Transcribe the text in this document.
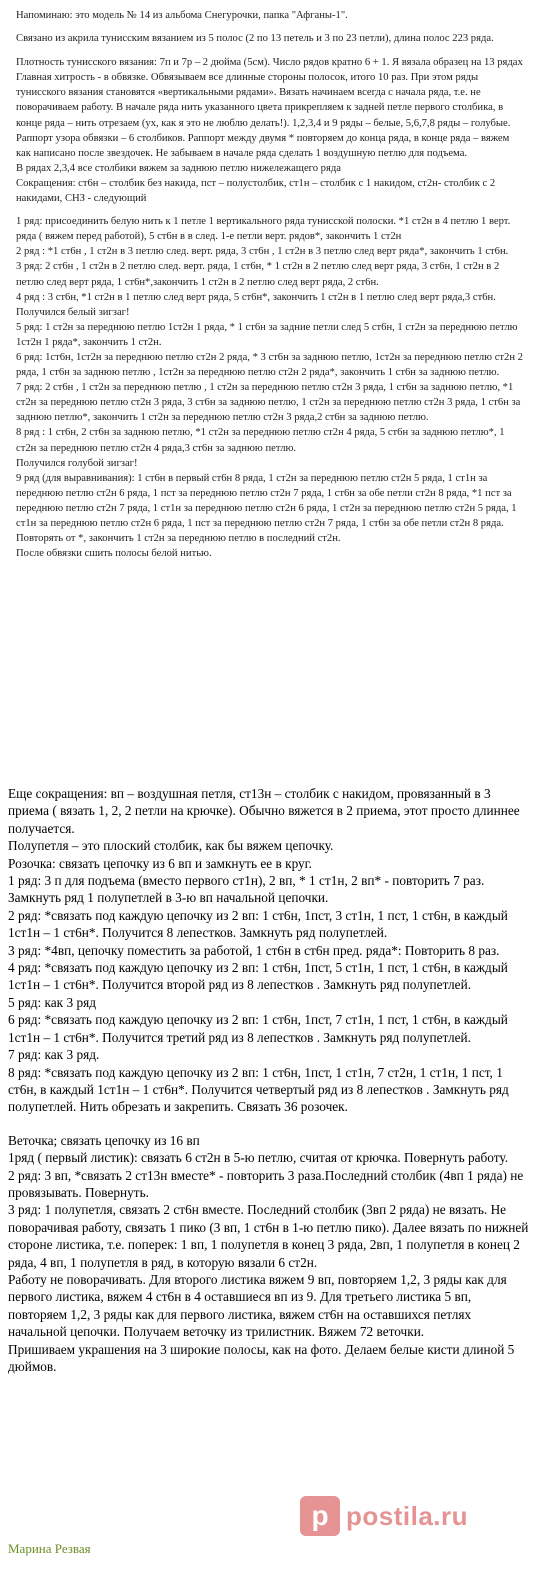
Напоминаю: это модель № 14 из альбома Снегурочки, папка "Афганы-1".

Связано из акрила тунисским вязанием из 5 полос (2 по 13 петель и 3 по 23 петли), длина полос 223 ряда.

Плотность тунисского вязания: 7п и 7р – 2 дюйма (5см). Число рядов кратно 6 + 1. Я вязала образец на 13 рядах

Главная хитрость - в обвязке. Обвязываем все длинные стороны полосок, итого 10 раз. При этом ряды тунисского вязания становятся «вертикальными рядами». Вязать начинаем всегда с начала ряда, т.е. не поворачиваем работу. В начале ряда нить указанного цвета прикрепляем к задней петле первого столбика, в конце ряда – нить отрезаем (ух, как я это не люблю делать!). 1,2,3,4 и 9 ряды – белые, 5,6,7,8 ряды – голубые.

Раппорт узора обвязки – 6 столбиков. Раппорт между двумя * повторяем до конца ряда, в конце ряда – вяжем как написано после звездочек. Не забываем в начале ряда сделать 1 воздушную петлю для подъема.

В рядах 2,3,4 все столбики вяжем за заднюю петлю нижележащего ряда

Сокращения: ст6н – столбик без накида, пст – полустолбик, ст1н – столбик с 1 накидом, ст2н- столбик с 2 накидами, СНЗ - следующий

1 ряд: присоединить белую нить к 1 петле 1 вертикального ряда тунисской полоски. *1 ст2н в 4 петлю 1 верт. ряда ( вяжем перед работой), 5 ст6н в в след. 1-е петли верт. рядов*, закончить 1 ст2н

2 ряд : *1 ст6н , 1 ст2н в 3 петлю след. верт. ряда, 3 ст6н , 1 ст2н в 3 петлю след верт ряда*, закончить 1 ст6н.

3 ряд: 2 ст6н , 1 ст2н в 2 петлю след. верт. ряда, 1 ст6н, * 1 ст2н в 2 петлю след верт ряда, 3 ст6н, 1 ст2н в 2 петлю след верт ряда, 1 ст6н*,закончить 1 ст2н в 2 петлю след верт ряда, 2 ст6н.

4 ряд : 3 ст6н, *1 ст2н в 1 петлю след верт ряда, 5 ст6н*, закончить 1 ст2н в 1 петлю след верт ряда,3 ст6н.

Получился белый зигзаг!

5 ряд: 1 ст2н за переднюю петлю 1ст2н 1 ряда, * 1 ст6н за задние петли след 5 ст6н, 1 ст2н за переднюю петлю 1ст2н 1 ряда*, закончить 1 ст2н.

6 ряд: 1ст6н, 1ст2н за переднюю петлю ст2н 2 ряда, * 3 ст6н за заднюю петлю, 1ст2н за переднюю петлю ст2н 2 ряда, 1 ст6н за заднюю петлю , 1ст2н за переднюю петлю ст2н 2 ряда*, закончить 1 ст6н за заднюю петлю.

7 ряд: 2 ст6н , 1 ст2н за переднюю петлю , 1 ст2н за переднюю петлю ст2н 3 ряда, 1 ст6н за заднюю петлю, *1 ст2н за переднюю петлю ст2н 3 ряда, 3 ст6н за заднюю петлю, 1 ст2н за переднюю петлю ст2н 3 ряда, 1 ст6н за заднюю петлю*, закончить 1 ст2н за переднюю петлю ст2н 3 ряда,2 ст6н за заднюю петлю.

8 ряд : 1 ст6н, 2 ст6н за заднюю петлю, *1 ст2н за переднюю петлю ст2н 4 ряда, 5 ст6н за заднюю петлю*, 1 ст2н за переднюю петлю ст2н 4 ряда,3 ст6н за заднюю петлю.

Получился голубой зигзаг!

9 ряд (для выравнивания): 1 ст6н в первый ст6н 8 ряда, 1 ст2н за переднюю петлю ст2н 5 ряда, 1 ст1н за переднюю петлю ст2н 6 ряда, 1 пст за переднюю петлю ст2н 7 ряда, 1 ст6н за обе петли ст2н 8 ряда, *1 пст за переднюю петлю ст2н 7 ряда, 1 ст1н за переднюю петлю ст2н 6 ряда, 1 ст2н за переднюю петлю ст2н 5 ряда, 1 ст1н за переднюю петлю ст2н 6 ряда, 1 пст за переднюю петлю ст2н 7 ряда, 1 ст6н за обе петли ст2н 8 ряда. Повторять от *, закончить 1 ст2н за переднюю петлю в последний ст2н.

После обвязки сшить полосы белой нитью.

Еще сокращения: вп – воздушная петля, ст13н – столбик с накидом, провязанный в 3 приема ( вязать 1, 2, 2 петли на крючке). Обычно вяжется в 2 приема, этот просто длиннее получается.

Полупетля – это плоский столбик, как бы вяжем цепочку.

Розочка: связать цепочку из 6 вп и замкнуть ее в круг.

1 ряд: 3 п для подъема (вместо первого ст1н), 2 вп, * 1 ст1н, 2 вп* - повторить 7 раз. Замкнуть ряд 1 полупетлей в 3-ю вп начальной цепочки.

2 ряд: *связать под каждую цепочку из 2 вп: 1 ст6н, 1пст, 3 ст1н, 1 пст, 1 ст6н, в каждый 1ст1н – 1 ст6н*. Получится 8 лепестков. Замкнуть ряд полупетлей.

3 ряд: *4вп, цепочку поместить за работой, 1 ст6н в ст6н пред. ряда*: Повторить 8 раз.

4 ряд: *связать под каждую цепочку из 2 вп: 1 ст6н, 1пст, 5 ст1н, 1 пст, 1 ст6н, в каждый 1ст1н – 1 ст6н*. Получится второй ряд из 8 лепестков . Замкнуть ряд полупетлей.

5 ряд: как 3 ряд

6 ряд: *связать под каждую цепочку из 2 вп: 1 ст6н, 1пст, 7 ст1н, 1 пст, 1 ст6н, в каждый 1ст1н – 1 ст6н*. Получится третий ряд из 8 лепестков . Замкнуть ряд полупетлей.

7 ряд: как 3 ряд.

8 ряд: *связать под каждую цепочку из 2 вп: 1 ст6н, 1пст, 1 ст1н, 7 ст2н, 1 ст1н, 1 пст, 1 ст6н, в каждый 1ст1н – 1 ст6н*. Получится четвертый ряд из 8 лепестков . Замкнуть ряд полупетлей. Нить обрезать и закрепить. Связать 36 розочек.

Веточка; связать цепочку из 16 вп

1ряд ( первый листик): связать 6 ст2н в 5-ю петлю, считая от крючка. Повернуть работу.

2 ряд: 3 вп, *связать 2 ст13н вместе* - повторить 3 раза.Последний столбик (4вп 1 ряда) не провязывать. Повернуть.

3 ряд: 1 полупетля, связать 2 ст6н вместе. Последний столбик (3вп 2 ряда) не вязать. Не поворачивая работу, связать 1 пико (3 вп, 1 ст6н в 1-ю петлю пико). Далее вязать по нижней стороне листика, т.е. поперек: 1 вп, 1 полупетля в конец 3 ряда, 2вп, 1 полупетля в конец 2 ряда, 4 вп, 1 полупетля в ряд, в которую вязали 6 ст2н.

Работу не поворачивать. Для второго листика вяжем 9 вп, повторяем 1,2, 3 ряды как для первого листика, вяжем 4 ст6н в 4 оставшиеся вп из 9. Для третьего листика 5 вп, повторяем 1,2, 3 ряды как для первого листика, вяжем ст6н на оставшихся петлях начальной цепочки. Получаем веточку из трилистник. Вяжем 72 веточки.

Пришиваем украшения на 3 широкие полосы, как на фото. Делаем белые кисти длиной 5 дюймов.

p postila.ru
Марина Резвая
